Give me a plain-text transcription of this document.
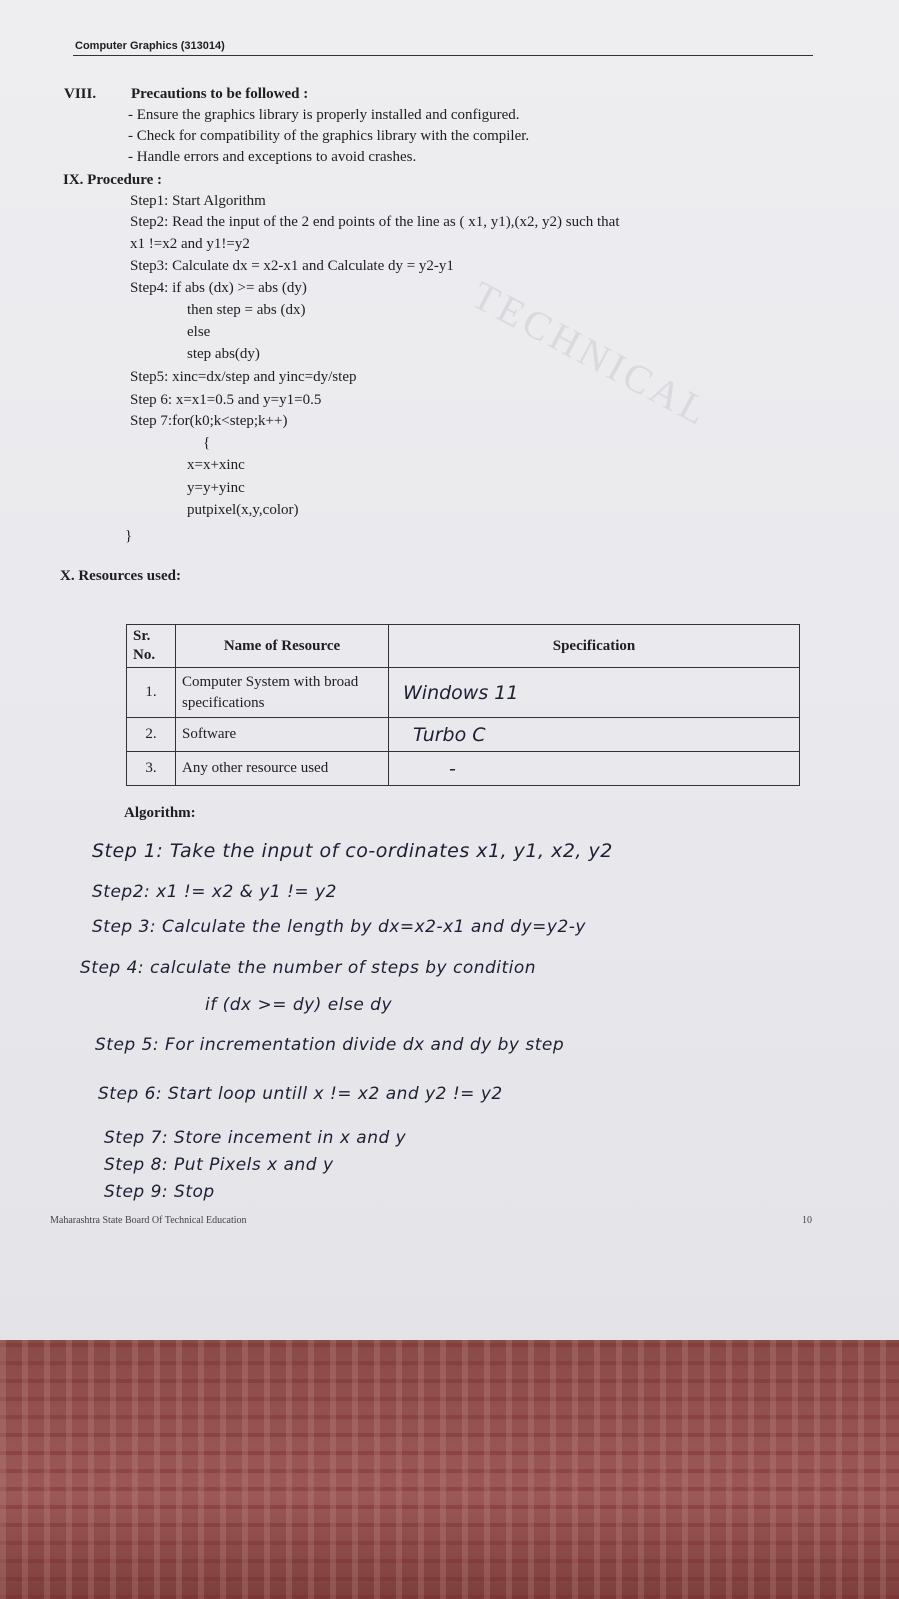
TECHNICAL
Computer Graphics (313014)
VIII. Precautions to be followed :
- Ensure the graphics library is properly installed and configured.
- Check for compatibility of the graphics library with the compiler.
- Handle errors and exceptions to avoid crashes.
IX. Procedure :
Step1: Start Algorithm
Step2: Read the input of the 2 end points of the line as ( x1, y1),(x2, y2) such that
x1 !=x2 and y1!=y2
Step3: Calculate dx = x2-x1 and Calculate dy = y2-y1
Step4: if abs (dx) >= abs (dy)
then step = abs (dx)
else
step abs(dy)
Step5: xinc=dx/step and yinc=dy/step
Step 6: x=x1=0.5 and y=y1=0.5
Step 7:for(k0;k<step;k++)
{
x=x+xinc
y=y+yinc
putpixel(x,y,color)
}
X. Resources used:
Sr. No.	Name of Resource	Specification
1.	Computer System with broad specifications	Windows 11
2.	Software	Turbo C
3.	Any other resource used	-
Algorithm:
Step 1: Take the input of co-ordinates x1, y1, x2, y2
Step2: x1 != x2 & y1 != y2
Step 3: Calculate the length by dx=x2-x1 and dy=y2-y
Step 4: calculate the number of steps by condition
if (dx >= dy) else dy
Step 5: For incrementation divide dx and dy by step
Step 6: Start loop untill x != x2 and y2 != y2
Step 7: Store incement in x and y
Step 8: Put Pixels x and y
Step 9: Stop
Maharashtra State Board Of Technical Education	10
